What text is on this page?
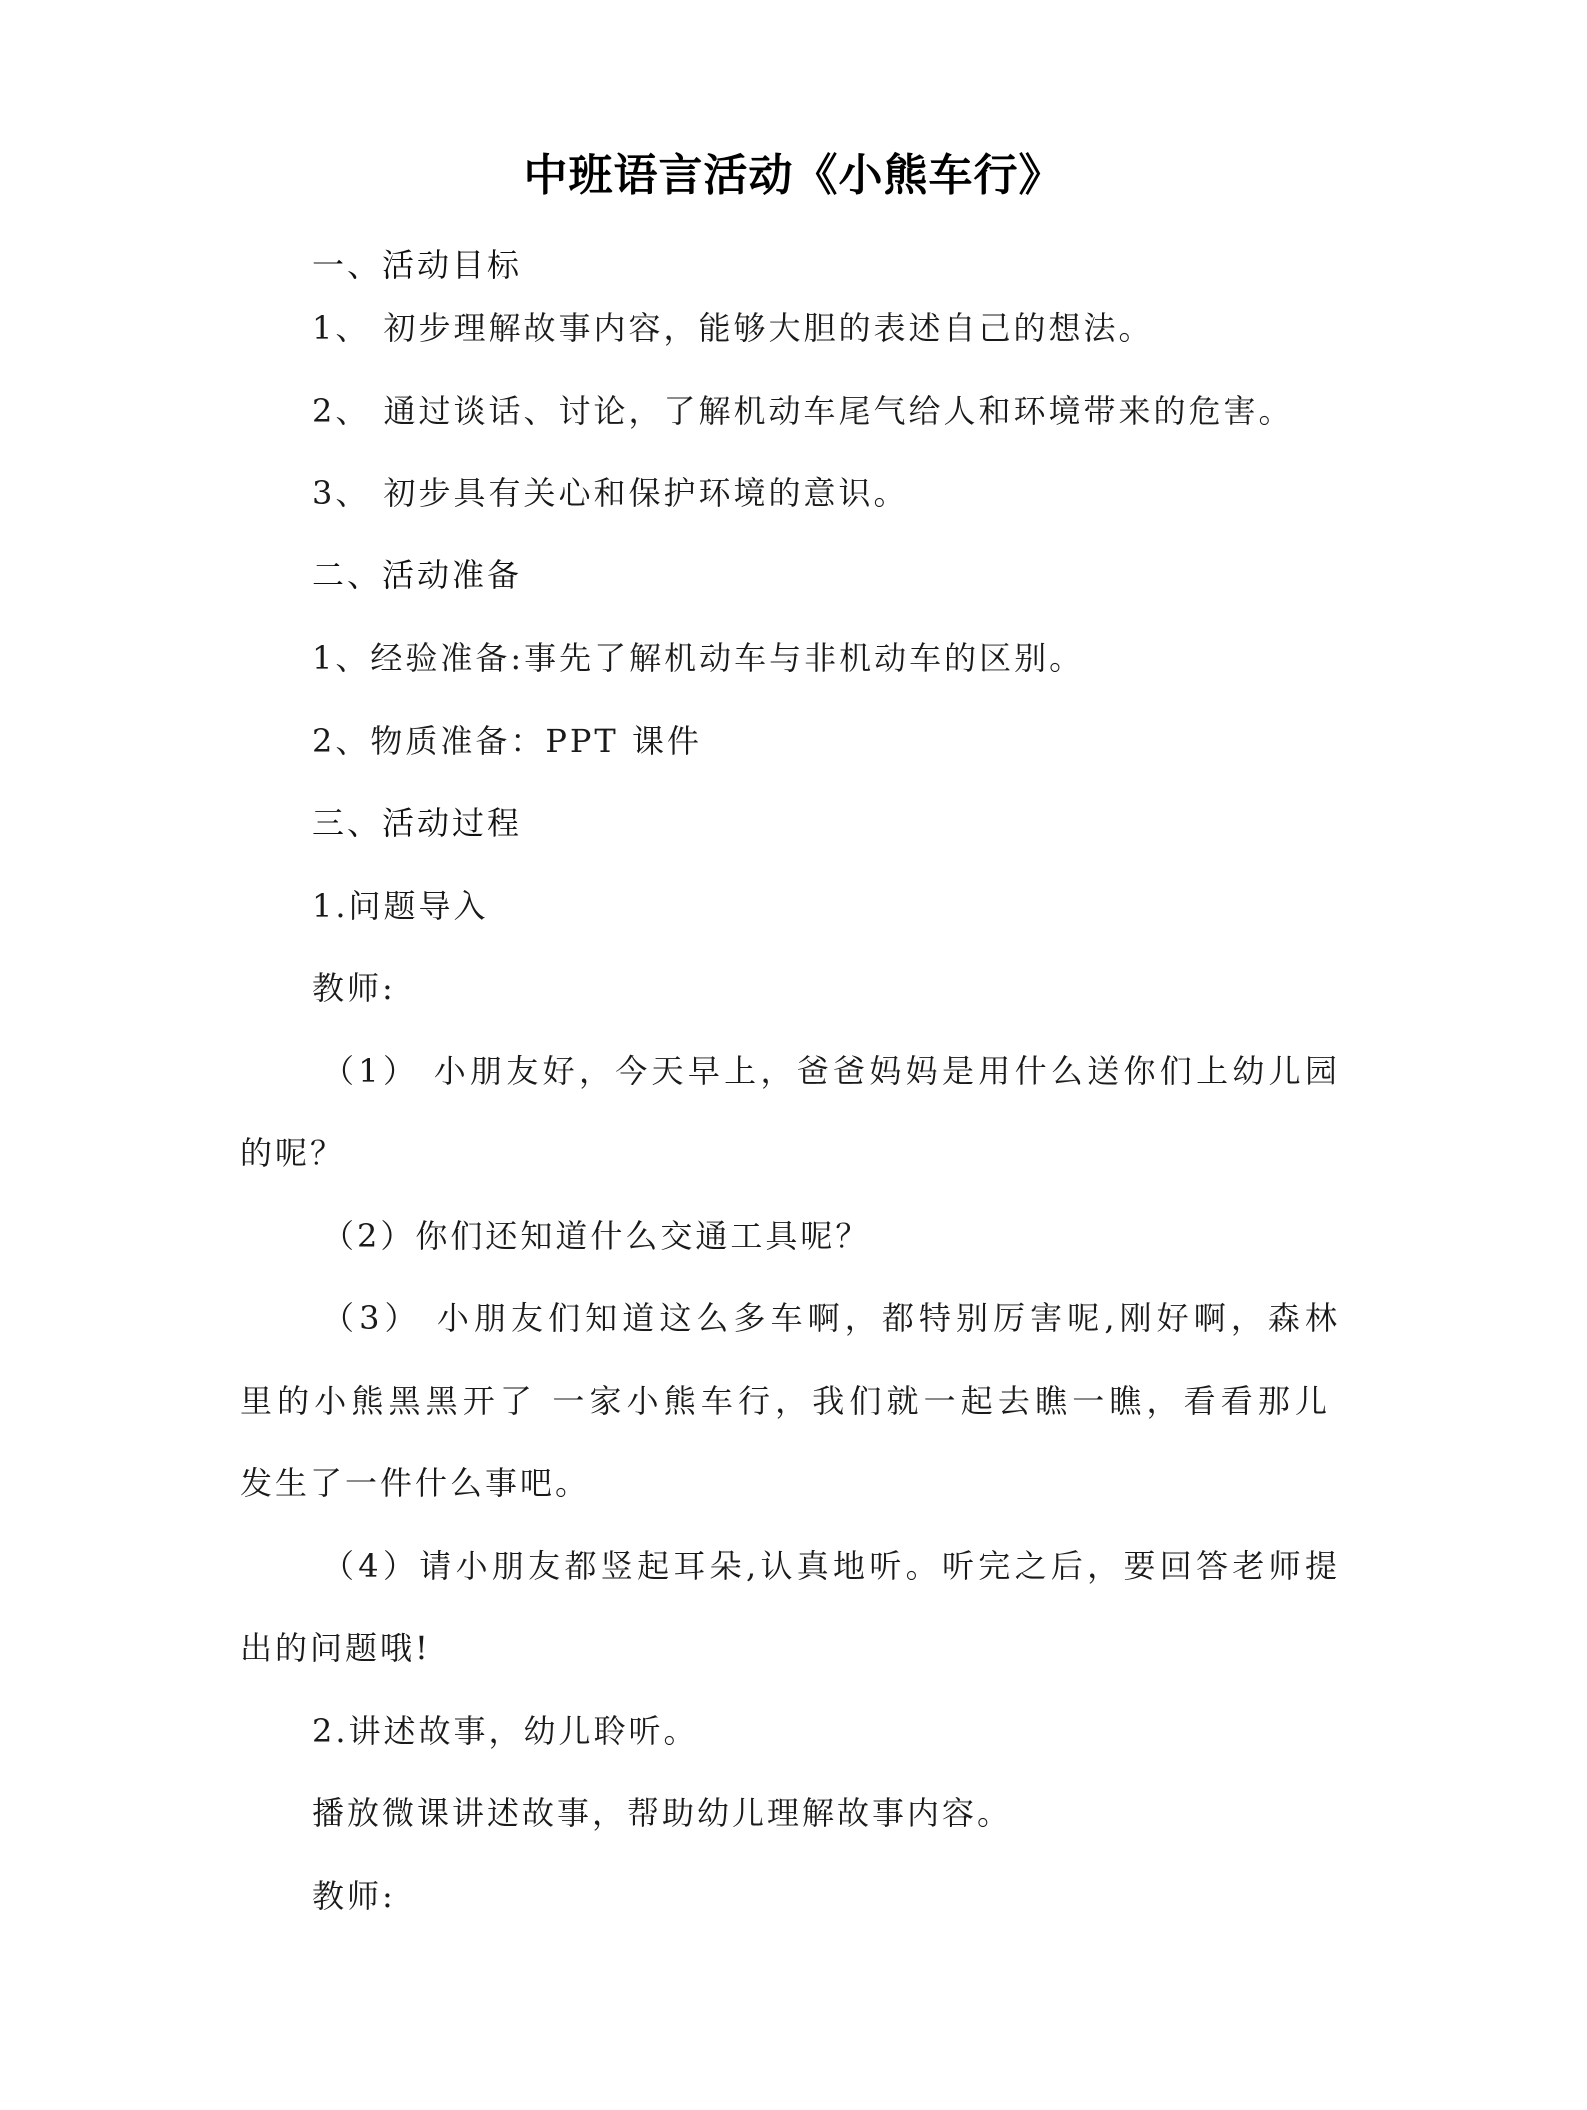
中班语言活动《小熊车行》
一、活动目标
1、 初步理解故事内容，能够大胆的表述自己的想法。
2、 通过谈话、讨论，了解机动车尾气给人和环境带来的危害。
3、 初步具有关心和保护环境的意识。
二、活动准备
1、经验准备:事先了解机动车与非机动车的区别。
2、物质准备：PPT 课件
三、活动过程
1.问题导入
教师:
（1） 小朋友好，今天早上，爸爸妈妈是用什么送你们上幼儿园
的呢？
（2）你们还知道什么交通工具呢？
（3） 小朋友们知道这么多车啊，都特别厉害呢,刚好啊，森林
里的小熊黑黑开了 一家小熊车行，我们就一起去瞧一瞧，看看那儿
发生了一件什么事吧。
（4）请小朋友都竖起耳朵,认真地听。听完之后，要回答老师提
出的问题哦!
2.讲述故事，幼儿聆听。
播放微课讲述故事，帮助幼儿理解故事内容。
教师:
